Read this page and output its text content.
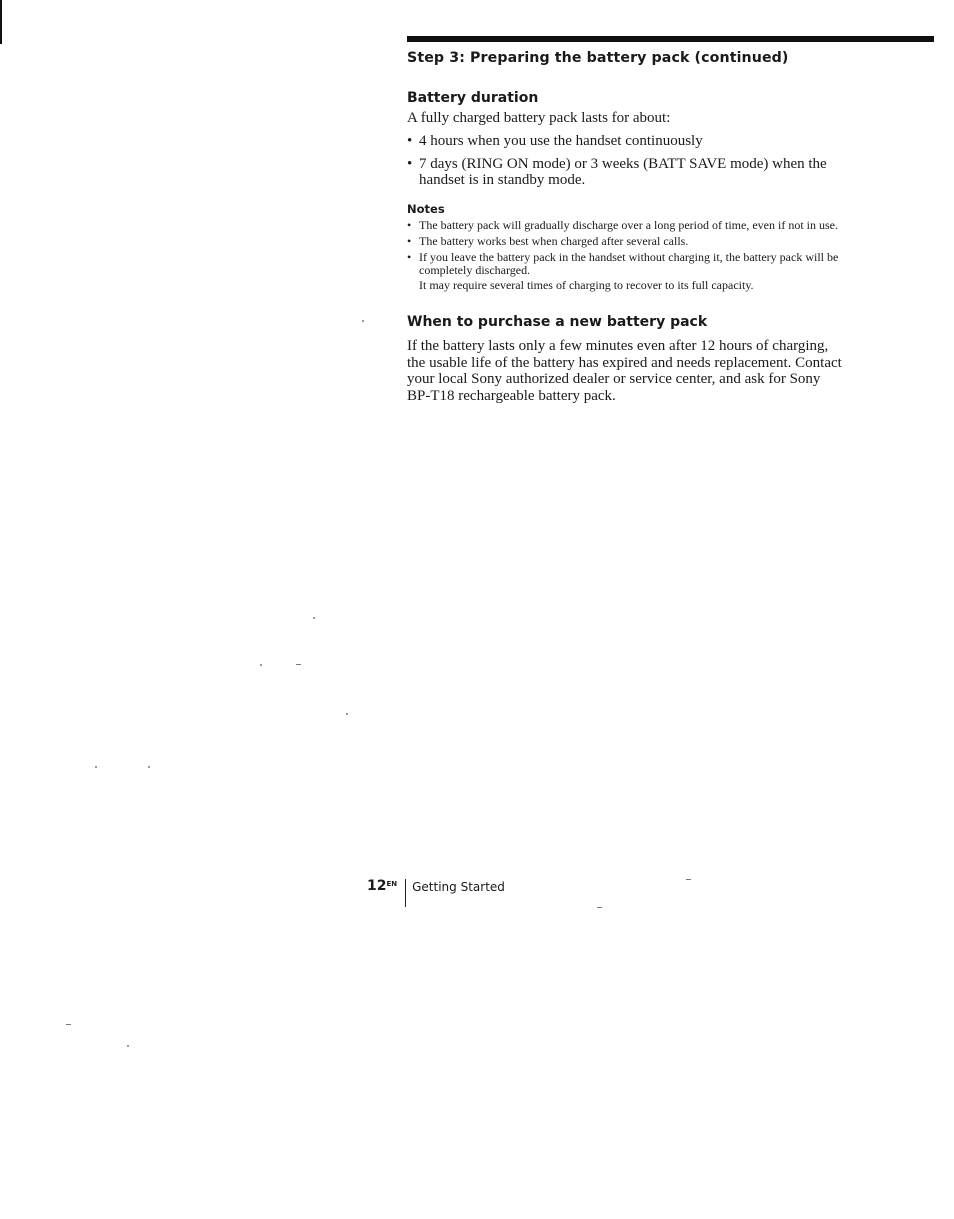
Step 3: Preparing the battery pack (continued)
Battery duration

A fully charged battery pack lasts for about:

• 4 hours when you use the handset continuously
• 7 days (RING ON mode) or 3 weeks (BATT SAVE mode) when the handset is in standby mode.
Notes
• The battery pack will gradually discharge over a long period of time, even if not in use.
• The battery works best when charged after several calls.
• If you leave the battery pack in the handset without charging it, the battery pack will be completely discharged.
It may require several times of charging to recover to its full capacity.
When to purchase a new battery pack

If the battery lasts only a few minutes even after 12 hours of charging, the usable life of the battery has expired and needs replacement. Contact your local Sony authorized dealer or service center, and ask for Sony BP-T18 rechargeable battery pack.

$12^{EN}$ Getting Started
